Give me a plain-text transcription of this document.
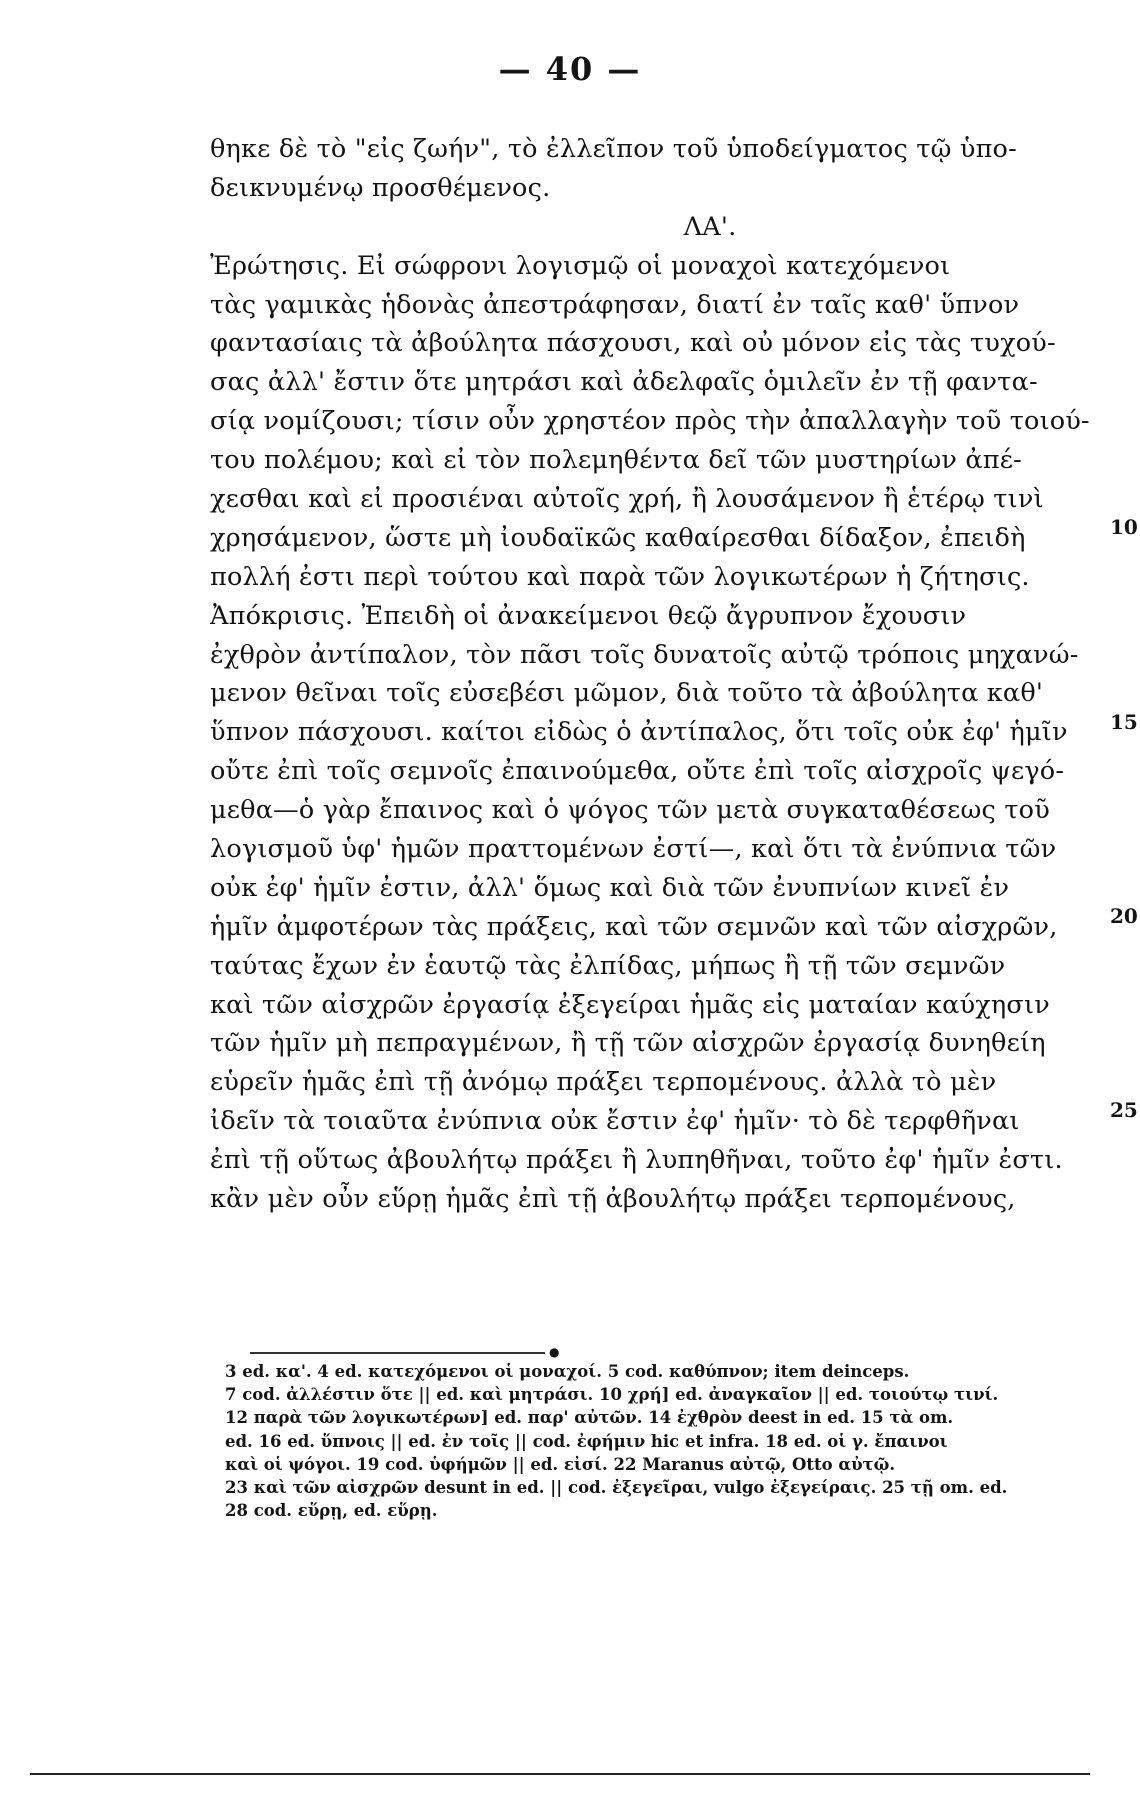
— 40 —
θηκε δὲ τὸ "εἰς ζωήν", τὸ ἐλλεῖπον τοῦ ὑποδείγματος τῷ ὑπο-
δεικνυμένῳ προσθέμενος.
ΛΑ'.
Ἐρώτησις. Εἰ σώφρονι λογισμῷ οἱ μοναχοὶ κατεχόμενοι
τὰς γαμικὰς ἡδονὰς ἀπεστράφησαν, διατί ἐν ταῖς καθ' ὕπνον
φαντασίαις τὰ ἀβούλητα πάσχουσι, καὶ οὐ μόνον εἰς τὰς τυχού-
σας ἀλλ' ἔστιν ὅτε μητράσι καὶ ἀδελφαῖς ὁμιλεῖν ἐν τῇ φαντα-
σίᾳ νομίζουσι; τίσιν οὖν χρηστέον πρὸς τὴν ἀπαλλαγὴν τοῦ τοιού-
του πολέμου; καὶ εἰ τὸν πολεμηθέντα δεῖ τῶν μυστηρίων ἀπέ-
χεσθαι καὶ εἰ προσιέναι αὐτοῖς χρή, ἢ λουσάμενον ἢ ἑτέρῳ τινὶ
χρησάμενον, ὥστε μὴ ἰουδαϊκῶς καθαίρεσθαι δίδαξον, ἐπειδὴ
πολλή ἐστι περὶ τούτου καὶ παρὰ τῶν λογικωτέρων ἡ ζήτησις.
Ἀπόκρισις. Ἐπειδὴ οἱ ἀνακείμενοι θεῷ ἄγρυπνον ἔχουσιν
ἐχθρὸν ἀντίπαλον, τὸν πᾶσι τοῖς δυνατοῖς αὐτῷ τρόποις μηχανώ-
μενον θεῖναι τοῖς εὐσεβέσι μῶμον, διὰ τοῦτο τὰ ἀβούλητα καθ'
ὕπνον πάσχουσι. καίτοι εἰδὼς ὁ ἀντίπαλος, ὅτι τοῖς οὐκ ἐφ' ἡμῖν
οὔτε ἐπὶ τοῖς σεμνοῖς ἐπαινούμεθα, οὔτε ἐπὶ τοῖς αἰσχροῖς ψεγό-
μεθα—ὁ γὰρ ἔπαινος καὶ ὁ ψόγος τῶν μετὰ συγκαταθέσεως τοῦ
λογισμοῦ ὑφ' ἡμῶν πραττομένων ἐστί—, καὶ ὅτι τὰ ἐνύπνια τῶν
οὐκ ἐφ' ἡμῖν ἐστιν, ἀλλ' ὅμως καὶ διὰ τῶν ἐνυπνίων κινεῖ ἐν
ἡμῖν ἀμφοτέρων τὰς πράξεις, καὶ τῶν σεμνῶν καὶ τῶν αἰσχρῶν,
ταύτας ἔχων ἐν ἑαυτῷ τὰς ἐλπίδας, μήπως ἢ τῇ τῶν σεμνῶν
καὶ τῶν αἰσχρῶν ἐργασίᾳ ἐξεγείραι ἡμᾶς εἰς ματαίαν καύχησιν
τῶν ἡμῖν μὴ πεπραγμένων, ἢ τῇ τῶν αἰσχρῶν ἐργασίᾳ δυνηθείη
εὑρεῖν ἡμᾶς ἐπὶ τῇ ἀνόμῳ πράξει τερπομένους. ἀλλὰ τὸ μὲν
ἰδεῖν τὰ τοιαῦτα ἐνύπνια οὐκ ἔστιν ἐφ' ἡμῖν· τὸ δὲ τερφθῆναι
ἐπὶ τῇ οὕτως ἀβουλήτῳ πράξει ἢ λυπηθῆναι, τοῦτο ἐφ' ἡμῖν ἐστι.
κἂν μὲν οὖν εὕρῃ ἡμᾶς ἐπὶ τῇ ἀβουλήτῳ πράξει τερπομένους,
10
15
20
25
●
3 ed. κα'. 4 ed. κατεχόμενοι οἱ μοναχοί. 5 cod. καθύπνον; item deinceps.
7 cod. ἀλλέστιν ὅτε || ed. καὶ μητράσι. 10 χρή] ed. ἀναγκαῖον || ed. τοιούτῳ τινί.
12 παρὰ τῶν λογικωτέρων] ed. παρ' αὐτῶν. 14 ἐχθρὸν deest in ed. 15 τὰ om.
ed. 16 ed. ὕπνοις || ed. ἐν τοῖς || cod. ἐφήμιν hic et infra. 18 ed. οἱ γ. ἔπαινοι
καὶ οἱ ψόγοι. 19 cod. ὑφήμῶν || ed. εἰσί. 22 Maranus αὐτῷ, Otto αὐτῷ.
23 καὶ τῶν αἰσχρῶν desunt in ed. || cod. ἐξεγεῖραι, vulgo ἐξεγείραις. 25 τῇ om. ed.
28 cod. εὕρῃ, ed. εὕρῃ.
